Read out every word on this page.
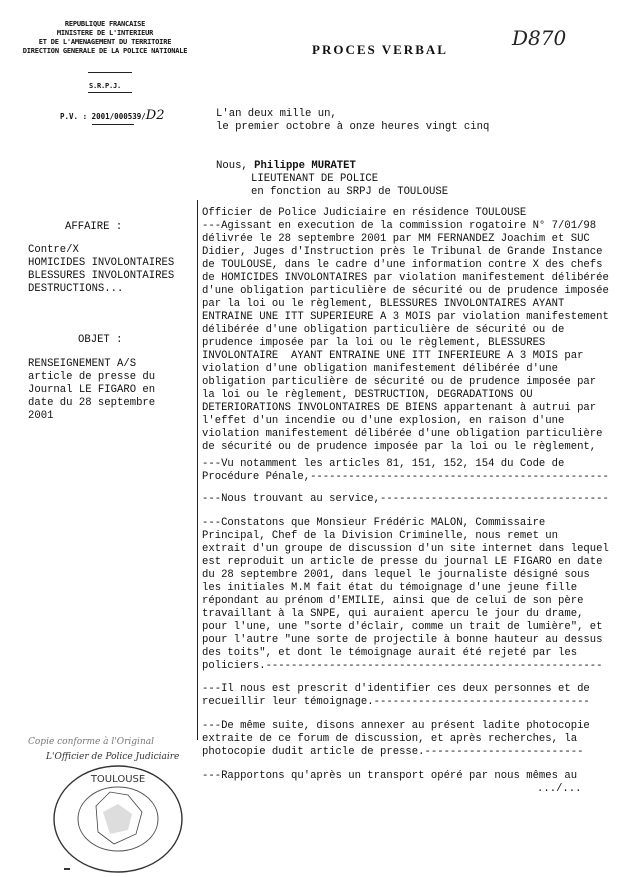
REPUBLIQUE FRANCAISE
MINISTERE DE L'INTERIEUR
ET DE L'AMENAGEMENT DU TERRITOIRE
DIRECTION GENERALE DE LA POLICE NATIONALE
S.R.P.J.
P.V. : 2001/000539/D2
PROCES VERBAL	D870
L'an deux mille un,
le premier octobre à onze heures vingt cinq
Nous, Philippe MURATET
LIEUTENANT DE POLICE
en fonction au SRPJ de TOULOUSE
AFFAIRE :
Contre/X
HOMICIDES INVOLONTAIRES
BLESSURES INVOLONTAIRES
DESTRUCTIONS...
OBJET :
RENSEIGNEMENT A/S
article de presse du
Journal LE FIGARO en
date du 28 septembre
2001
Officier de Police Judiciaire en résidence TOULOUSE
---Agissant en execution de la commission rogatoire N° 7/01/98
délivrée le 28 septembre 2001 par MM FERNANDEZ Joachim et SUC
Didier, Juges d'Instruction près le Tribunal de Grande Instance
de TOULOUSE, dans le cadre d'une information contre X des chefs
de HOMICIDES INVOLONTAIRES par violation manifestement délibérée
d'une obligation particulière de sécurité ou de prudence imposée
par la loi ou le règlement, BLESSURES INVOLONTAIRES AYANT
ENTRAINE UNE ITT SUPERIEURE A 3 MOIS par violation manifestement
délibérée d'une obligation particulière de sécurité ou de
prudence imposée par la loi ou le règlement, BLESSURES
INVOLONTAIRE  AYANT ENTRAINE UNE ITT INFERIEURE A 3 MOIS par
violation d'une obligation manifestement délibérée d'une
obligation particulière de sécurité ou de prudence imposée par
la loi ou le règlement, DESTRUCTION, DEGRADATIONS OU
DETERIORATIONS INVOLONTAIRES DE BIENS appartenant à autrui par
l'effet d'un incendie ou d'une explosion, en raison d'une
violation manifestement délibérée d'une obligation particulière
de sécurité ou de prudence imposée par la loi ou le règlement,
---Vu notamment les articles 81, 151, 152, 154 du Code de
Procédure Pénale,-----------------------------------------------
---Nous trouvant au service,------------------------------------
---Constatons que Monsieur Frédéric MALON, Commissaire
Principal, Chef de la Division Criminelle, nous remet un
extrait d'un groupe de discussion d'un site internet dans lequel
est reproduit un article de presse du journal LE FIGARO en date
du 28 septembre 2001, dans lequel le journaliste désigné sous
les initiales M.M fait état du témoignage d'une jeune fille
répondant au prénom d'EMILIE, ainsi que de celui de son père
travaillant à la SNPE, qui auraient apercu le jour du drame,
pour l'une, une "sorte d'éclair, comme un trait de lumière", et
pour l'autre "une sorte de projectile à bonne hauteur au dessus
des toits", et dont le témoignage aurait été rejeté par les
policiers.-----------------------------------------------------
---Il nous est prescrit d'identifier ces deux personnes et de
recueillir leur témoignage.----------------------------------
---De même suite, disons annexer au présent ladite photocopie
extraite de ce forum de discussion, et après recherches, la
photocopie dudit article de presse.-------------------------
---Rapportons qu'après un transport opéré par nous mêmes au
.../...
Copie conforme à l'Original
L'Officier de Police Judiciaire
TOULOUSE
